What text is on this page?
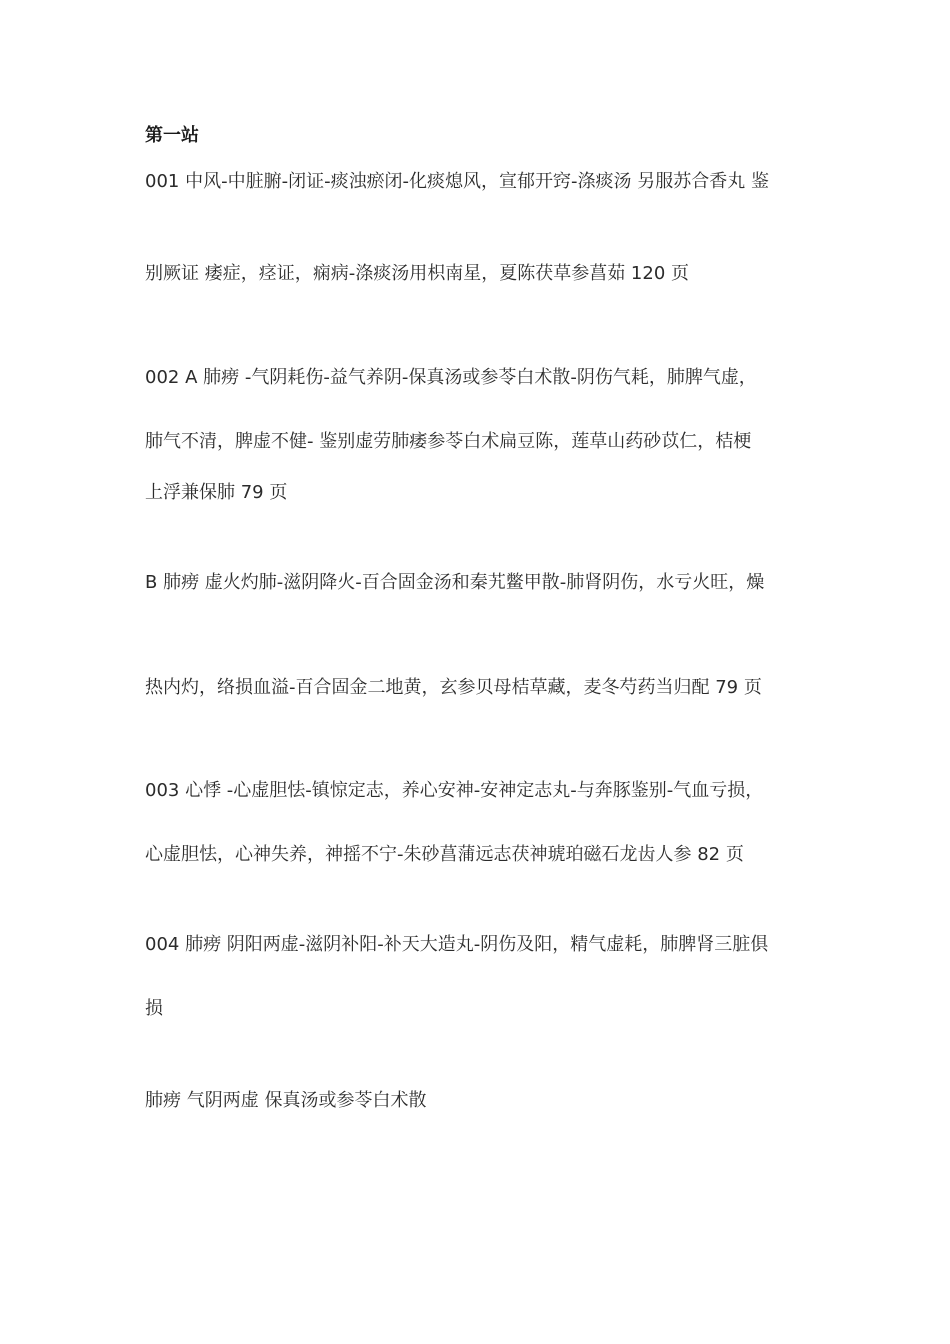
第一站
001 中风-中脏腑-闭证-痰浊瘀闭-化痰熄风，宣郁开窍-涤痰汤 另服苏合香丸 鉴
别厥证 痿症，痉证，痫病-涤痰汤用枳南星，夏陈茯草参菖茹 120 页
002 A 肺痨 -气阴耗伤-益气养阴-保真汤或参苓白术散-阴伤气耗，肺脾气虚，
肺气不清，脾虚不健- 鉴别虚劳肺痿参苓白术扁豆陈，莲草山药砂苡仁，桔梗
上浮兼保肺 79 页
B 肺痨 虚火灼肺-滋阴降火-百合固金汤和秦艽鳖甲散-肺肾阴伤，水亏火旺，燥
热内灼，络损血溢-百合固金二地黄，玄参贝母桔草藏，麦冬芍药当归配 79 页
003 心悸 -心虚胆怯-镇惊定志，养心安神-安神定志丸-与奔豚鉴别-气血亏损，
心虚胆怯，心神失养，神摇不宁-朱砂菖蒲远志茯神琥珀磁石龙齿人参 82 页
004 肺痨 阴阳两虚-滋阴补阳-补天大造丸-阴伤及阳，精气虚耗，肺脾肾三脏俱
损
肺痨 气阴两虚 保真汤或参苓白术散
